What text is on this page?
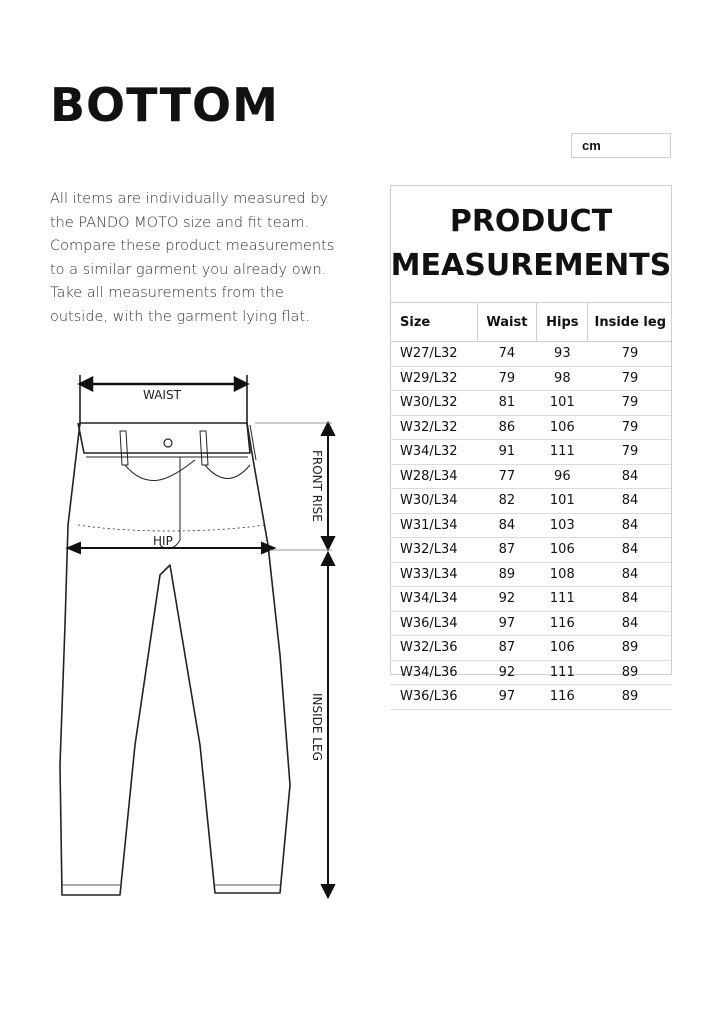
BOTTOM
cm
All items are individually measured by the PANDO MOTO size and fit team. Compare these product measurements to a similar garment you already own. Take all measurements from the outside, with the garment lying flat.
PRODUCT
MEASUREMENTS
Size	Waist	Hips	Inside leg
W27/L32	74	93	79
W29/L32	79	98	79
W30/L32	81	101	79
W32/L32	86	106	79
W34/L32	91	111	79
W28/L34	77	96	84
W30/L34	82	101	84
W31/L34	84	103	84
W32/L34	87	106	84
W33/L34	89	108	84
W34/L34	92	111	84
W36/L34	97	116	84
W32/L36	87	106	89
W34/L36	92	111	89
W36/L36	97	116	89
WAIST
HIP
FRONT RISE
INSIDE LEG
